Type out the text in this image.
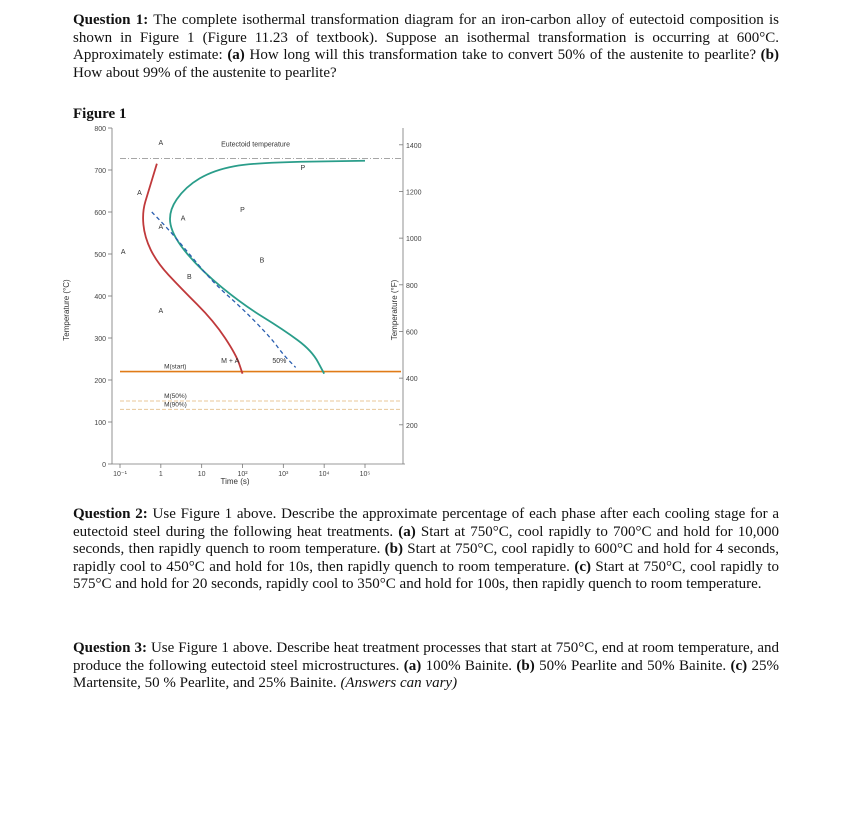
Question 1: The complete isothermal transformation diagram for an iron-carbon alloy of eutectoid composition is shown in Figure 1 (Figure 11.23 of textbook). Suppose an isothermal transformation is occurring at 600°C. Approximately estimate: (a) How long will this transformation take to convert 50% of the austenite to pearlite? (b) How about 99% of the austenite to pearlite?

Figure 1

0
100
200
300
400
500
600
700
800
200
400
600
800
1000
1200
1400
10⁻¹	1	10	10²	10³	10⁴	10⁵
Eutectoid temperature
M(start)
M(50%)
M(90%)
A
A
A
A
P
B
M + A	50%
B
A
P
A
Temperature (°C)	Temperature (°F)
Time (s)

Question 2: Use Figure 1 above. Describe the approximate percentage of each phase after each cooling stage for a eutectoid steel during the following heat treatments. (a) Start at 750°C, cool rapidly to 700°C and hold for 10,000 seconds, then rapidly quench to room temperature. (b) Start at 750°C, cool rapidly to 600°C and hold for 4 seconds, rapidly cool to 450°C and hold for 10s, then rapidly quench to room temperature. (c) Start at 750°C, cool rapidly to 575°C and hold for 20 seconds, rapidly cool to 350°C and hold for 100s, then rapidly quench to room temperature.

Question 3: Use Figure 1 above. Describe heat treatment processes that start at 750°C, end at room temperature, and produce the following eutectoid steel microstructures. (a) 100% Bainite. (b) 50% Pearlite and 50% Bainite. (c) 25% Martensite, 50 % Pearlite, and 25% Bainite. (Answers can vary)
